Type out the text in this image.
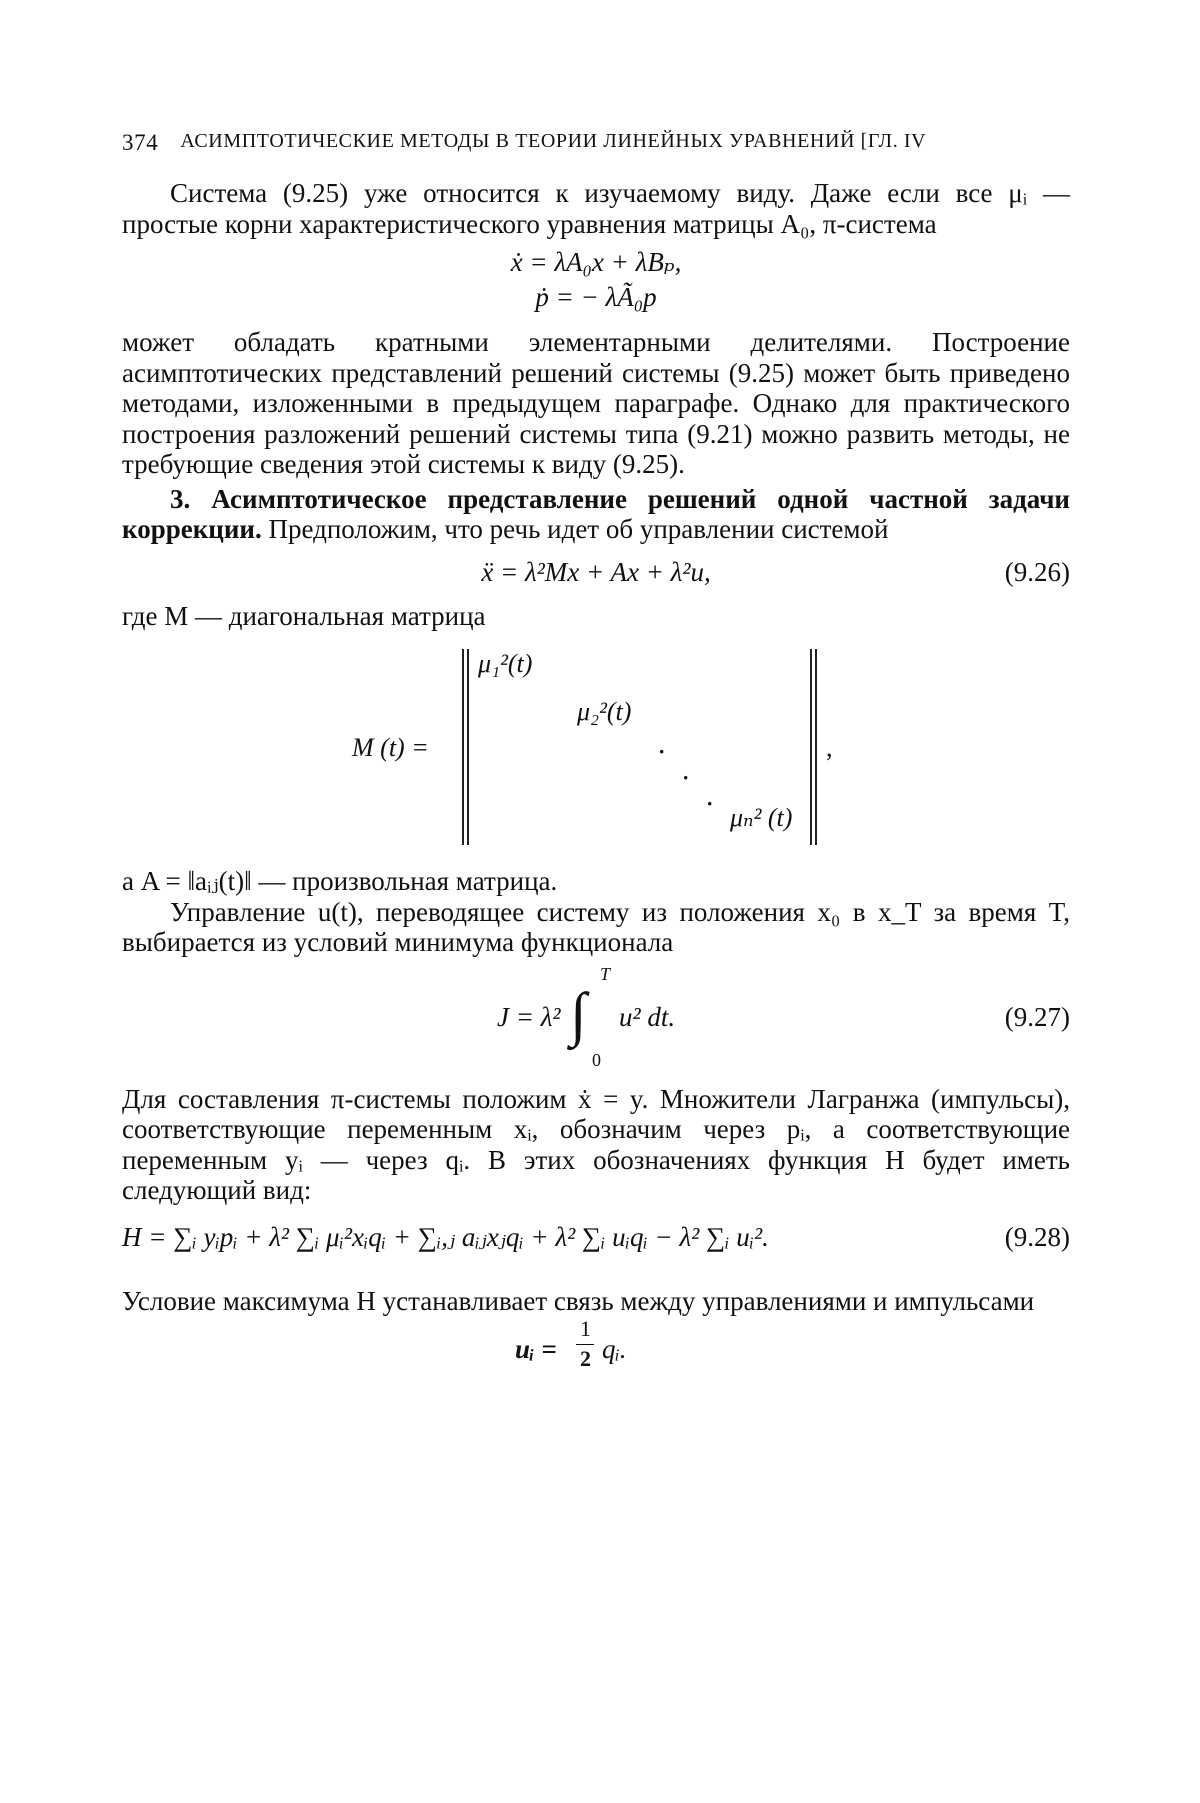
374 АСИМПТОТИЧЕСКИЕ МЕТОДЫ В ТЕОРИИ ЛИНЕЙНЫХ УРАВНЕНИЙ [ГЛ. IV

Система (9.25) уже относится к изучаемому виду. Даже если все μᵢ — простые корни характеристического уравнения матрицы A₀, π-система

ẋ = λA₀x + λBₚ,
ṗ = − λÃ₀p

может обладать кратными элементарными делителями. Построение асимптотических представлений решений системы (9.25) может быть приведено методами, изложенными в предыдущем параграфе. Однако для практического построения разложений решений системы типа (9.21) можно развить методы, не требующие сведения этой системы к виду (9.25).

3. Асимптотическое представление решений одной частной задачи коррекции. Предположим, что речь идет об управлении системой

ẍ = λ²Mx + Ax + λ²u,	(9.26)

где M — диагональная матрица

M (t) =
μ₁²(t)
μ₂²(t)
·
·
· μₙ² (t)
,

а A = ‖aᵢⱼ(t)‖ — произвольная матрица.

Управление u(t), переводящее систему из положения x₀ в x_T за время T, выбирается из условий минимума функционала

J = λ² ∫
T
0
u² dt.	(9.27)

Для составления π-системы положим ẋ = y. Множители Лагранжа (импульсы), соответствующие переменным xᵢ, обозначим через pᵢ, а соответствующие переменным yᵢ — через qᵢ. В этих обозначениях функция H будет иметь следующий вид:

H = ∑ᵢ yᵢpᵢ + λ² ∑ᵢ μᵢ²xᵢqᵢ + ∑ᵢ,ⱼ aᵢⱼxⱼqᵢ + λ² ∑ᵢ uᵢqᵢ − λ² ∑ᵢ uᵢ².	(9.28)

Условие максимума H устанавливает связь между управлениями и импульсами

uᵢ =
1
2 qᵢ.
